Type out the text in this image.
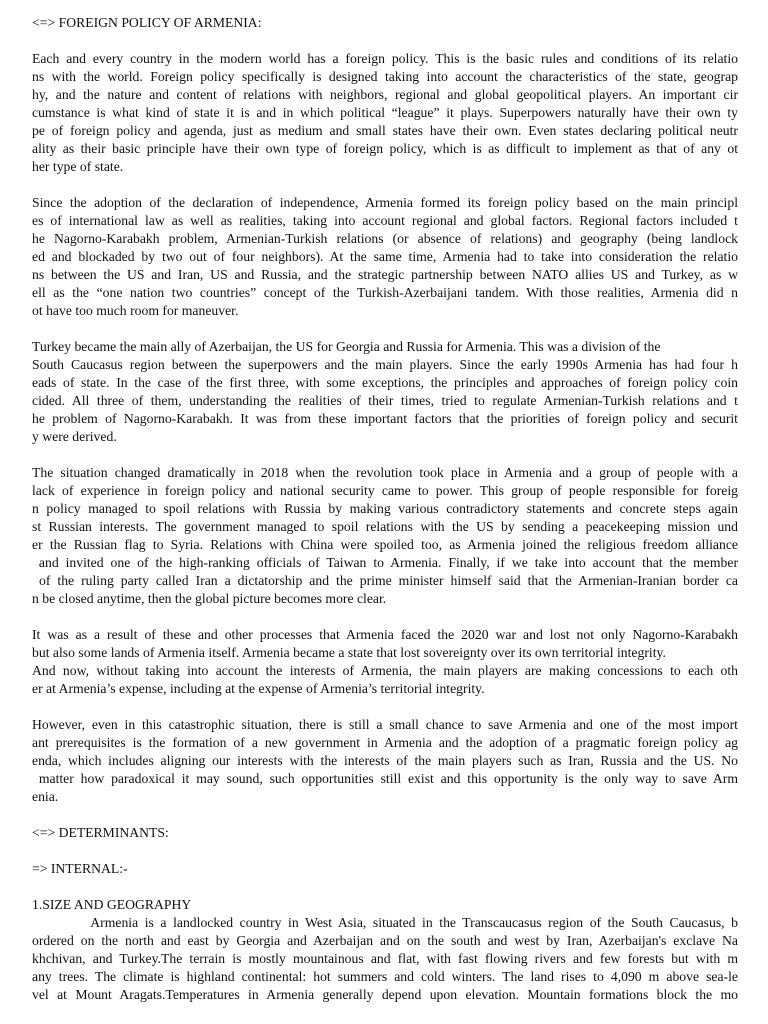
<=> FOREIGN POLICY OF ARMENIA:
Each and every country in the modern world has a foreign policy. This is the basic rules and conditions of its relatio
ns with the world. Foreign policy specifically is designed taking into account the characteristics of the state, geograp
hy, and the nature and content of relations with neighbors, regional and global geopolitical players. An important cir
cumstance is what kind of state it is and in which political “league” it plays. Superpowers naturally have their own ty
pe of foreign policy and agenda, just as medium and small states have their own. Even states declaring political neutr
ality as their basic principle have their own type of foreign policy, which is as difficult to implement as that of any ot
her type of state.
Since the adoption of the declaration of independence, Armenia formed its foreign policy based on the main principl
es of international law as well as realities, taking into account regional and global factors. Regional factors included t
he Nagorno-Karabakh problem, Armenian-Turkish relations (or absence of relations) and geography (being landlock
ed and blockaded by two out of four neighbors). At the same time, Armenia had to take into consideration the relatio
ns between the US and Iran, US and Russia, and the strategic partnership between NATO allies US and Turkey, as w
ell as the “one nation two countries” concept of the Turkish-Azerbaijani tandem. With those realities, Armenia did n
ot have too much room for maneuver.
Turkey became the main ally of Azerbaijan, the US for Georgia and Russia for Armenia. This was a division of the
South Caucasus region between the superpowers and the main players. Since the early 1990s Armenia has had four h
eads of state. In the case of the first three, with some exceptions, the principles and approaches of foreign policy coin
cided. All three of them, understanding the realities of their times, tried to regulate Armenian-Turkish relations and t
he problem of Nagorno-Karabakh. It was from these important factors that the priorities of foreign policy and securit
y were derived.
The situation changed dramatically in 2018 when the revolution took place in Armenia and a group of people with a
lack of experience in foreign policy and national security came to power. This group of people responsible for foreig
n policy managed to spoil relations with Russia by making various contradictory statements and concrete steps again
st Russian interests. The government managed to spoil relations with the US by sending a peacekeeping mission und
er the Russian flag to Syria. Relations with China were spoiled too, as Armenia joined the religious freedom alliance
and invited one of the high-ranking officials of Taiwan to Armenia. Finally, if we take into account that the member
of the ruling party called Iran a dictatorship and the prime minister himself said that the Armenian-Iranian border ca
n be closed anytime, then the global picture becomes more clear.
It was as a result of these and other processes that Armenia faced the 2020 war and lost not only Nagorno-Karabakh
but also some lands of Armenia itself. Armenia became a state that lost sovereignty over its own territorial integrity.
And now, without taking into account the interests of Armenia, the main players are making concessions to each oth
er at Armenia’s expense, including at the expense of Armenia’s territorial integrity.
However, even in this catastrophic situation, there is still a small chance to save Armenia and one of the most import
ant prerequisites is the formation of a new government in Armenia and the adoption of a pragmatic foreign policy ag
enda, which includes aligning our interests with the interests of the main players such as Iran, Russia and the US. No
matter how paradoxical it may sound, such opportunities still exist and this opportunity is the only way to save Arm
enia.
<=> DETERMINANTS:
=> INTERNAL:-
1.SIZE AND GEOGRAPHY
Armenia is a landlocked country in West Asia, situated in the Transcaucasus region of the South Caucasus, b
ordered on the north and east by Georgia and Azerbaijan and on the south and west by Iran, Azerbaijan's exclave Na
khchivan, and Turkey.The terrain is mostly mountainous and flat, with fast flowing rivers and few forests but with m
any trees. The climate is highland continental: hot summers and cold winters. The land rises to 4,090 m above sea-le
vel at Mount Aragats.Temperatures in Armenia generally depend upon elevation. Mountain formations block the mo
